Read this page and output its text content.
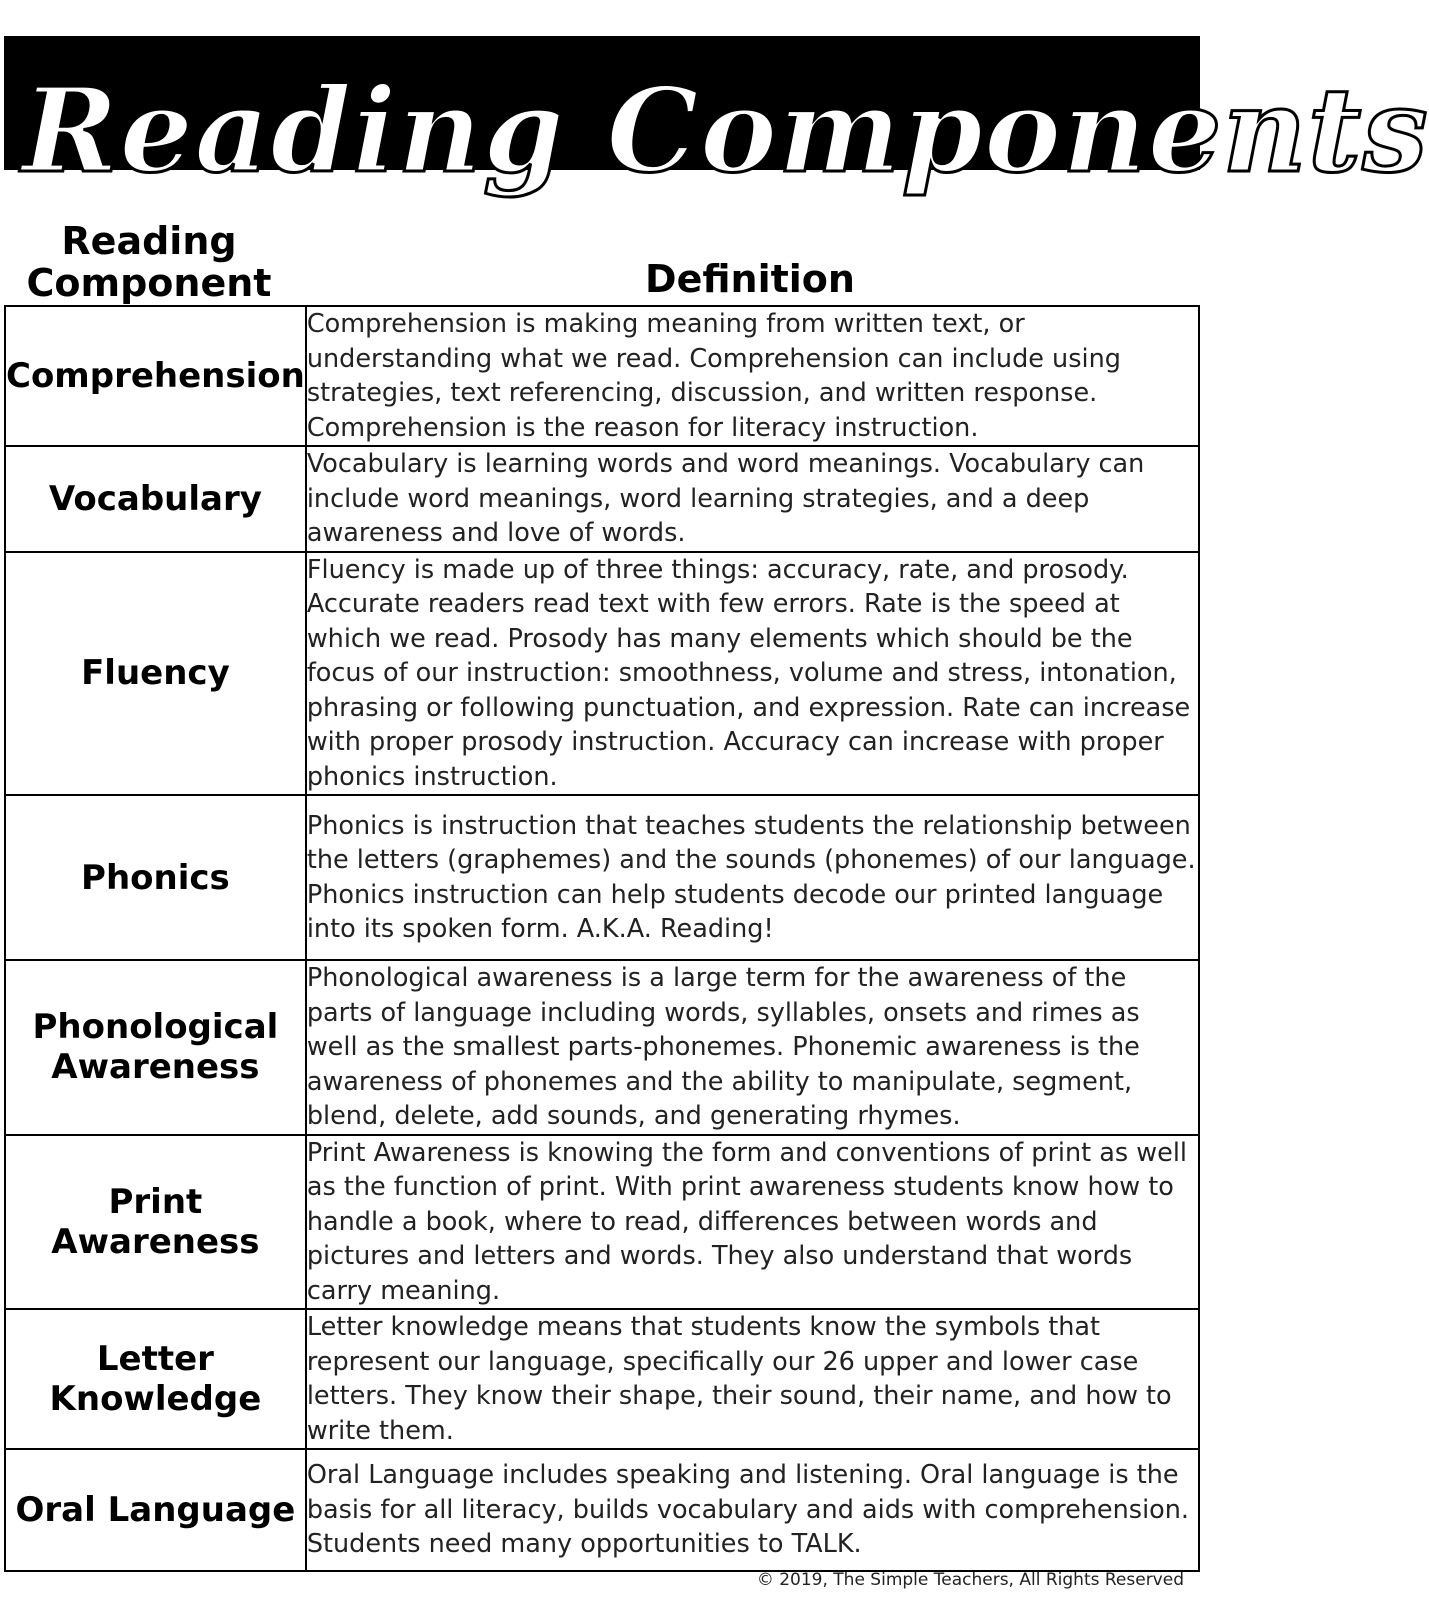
Reading Components
Reading Component	Definition
Comprehension	Comprehension is making meaning from written text, or understanding what we read. Comprehension can include using strategies, text referencing, discussion, and written response. Comprehension is the reason for literacy instruction.
Vocabulary	Vocabulary is learning words and word meanings. Vocabulary can include word meanings, word learning strategies, and a deep awareness and love of words.
Fluency	Fluency is made up of three things: accuracy, rate, and prosody. Accurate readers read text with few errors. Rate is the speed at which we read. Prosody has many elements which should be the focus of our instruction: smoothness, volume and stress, intonation, phrasing or following punctuation, and expression. Rate can increase with proper prosody instruction. Accuracy can increase with proper phonics instruction.
Phonics	Phonics is instruction that teaches students the relationship between the letters (graphemes) and the sounds (phonemes) of our language. Phonics instruction can help students decode our printed language into its spoken form. A.K.A. Reading!
Phonological Awareness	Phonological awareness is a large term for the awareness of the parts of language including words, syllables, onsets and rimes as well as the smallest parts-phonemes. Phonemic awareness is the awareness of phonemes and the ability to manipulate, segment, blend, delete, add sounds, and generating rhymes.
Print Awareness	Print Awareness is knowing the form and conventions of print as well as the function of print. With print awareness students know how to handle a book, where to read, differences between words and pictures and letters and words. They also understand that words carry meaning.
Letter Knowledge	Letter knowledge means that students know the symbols that represent our language, specifically our 26 upper and lower case letters. They know their shape, their sound, their name, and how to write them.
Oral Language	Oral Language includes speaking and listening. Oral language is the basis for all literacy, builds vocabulary and aids with comprehension. Students need many opportunities to TALK.
© 2019, The Simple Teachers, All Rights Reserved
